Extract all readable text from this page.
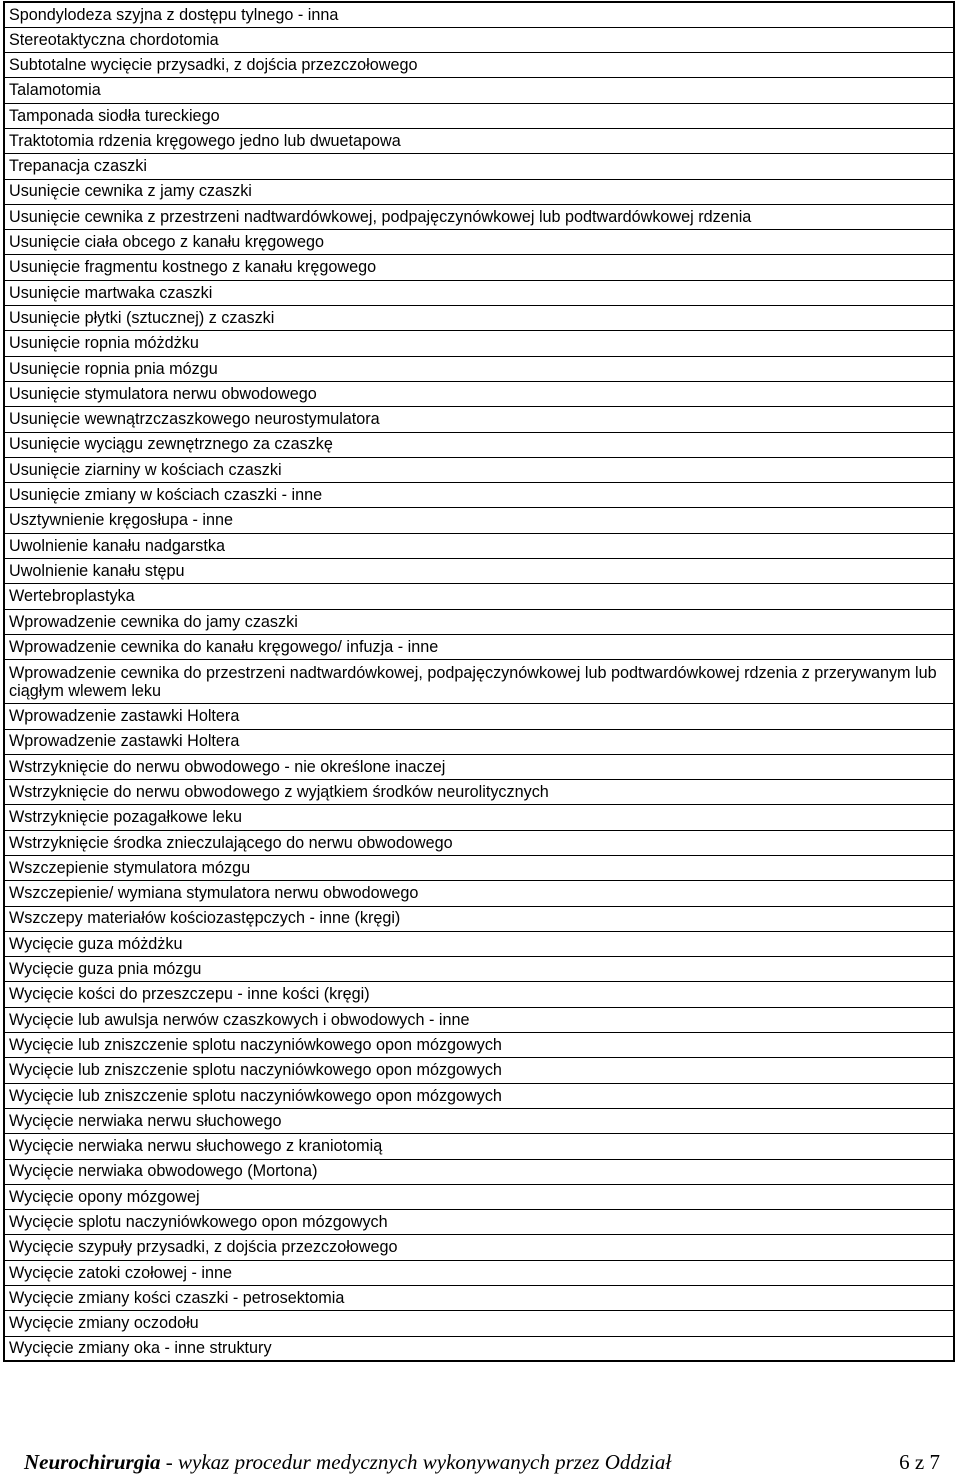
Spondylodeza szyjna z dostępu tylnego - inna
Stereotaktyczna chordotomia
Subtotalne wycięcie przysadki, z dojścia przezczołowego
Talamotomia
Tamponada siodła tureckiego
Traktotomia rdzenia kręgowego jedno lub dwuetapowa
Trepanacja czaszki
Usunięcie cewnika z jamy czaszki
Usunięcie cewnika z przestrzeni nadtwardówkowej, podpajęczynówkowej lub podtwardówkowej rdzenia
Usunięcie ciała obcego z kanału kręgowego
Usunięcie fragmentu kostnego z kanału kręgowego
Usunięcie martwaka czaszki
Usunięcie płytki (sztucznej) z czaszki
Usunięcie ropnia móżdżku
Usunięcie ropnia pnia mózgu
Usunięcie stymulatora nerwu obwodowego
Usunięcie wewnątrzczaszkowego neurostymulatora
Usunięcie wyciągu zewnętrznego za czaszkę
Usunięcie ziarniny w kościach czaszki
Usunięcie zmiany w kościach czaszki - inne
Usztywnienie kręgosłupa - inne
Uwolnienie kanału nadgarstka
Uwolnienie kanału stępu
Wertebroplastyka
Wprowadzenie cewnika do jamy czaszki
Wprowadzenie cewnika do kanału kręgowego/ infuzja - inne
Wprowadzenie cewnika do przestrzeni nadtwardówkowej, podpajęczynówkowej lub podtwardówkowej rdzenia z przerywanym lub ciągłym wlewem leku
Wprowadzenie zastawki Holtera
Wprowadzenie zastawki Holtera
Wstrzyknięcie do nerwu obwodowego - nie określone inaczej
Wstrzyknięcie do nerwu obwodowego z wyjątkiem środków neurolitycznych
Wstrzyknięcie pozagałkowe leku
Wstrzyknięcie środka znieczulającego do nerwu obwodowego
Wszczepienie stymulatora mózgu
Wszczepienie/ wymiana stymulatora nerwu obwodowego
Wszczepy materiałów kościozastępczych - inne (kręgi)
Wycięcie guza móżdżku
Wycięcie guza pnia mózgu
Wycięcie kości do przeszczepu - inne kości (kręgi)
Wycięcie lub awulsja nerwów czaszkowych i obwodowych - inne
Wycięcie lub zniszczenie splotu naczyniówkowego opon mózgowych
Wycięcie lub zniszczenie splotu naczyniówkowego opon mózgowych
Wycięcie lub zniszczenie splotu naczyniówkowego opon mózgowych
Wycięcie nerwiaka nerwu słuchowego
Wycięcie nerwiaka nerwu słuchowego z kraniotomią
Wycięcie nerwiaka obwodowego (Mortona)
Wycięcie opony mózgowej
Wycięcie splotu naczyniówkowego opon mózgowych
Wycięcie szypuły przysadki, z dojścia przezczołowego
Wycięcie zatoki czołowej - inne
Wycięcie zmiany kości czaszki - petrosektomia
Wycięcie zmiany oczodołu
Wycięcie zmiany oka - inne struktury
Neurochirurgia - wykaz procedur medycznych wykonywanych przez Oddział	6 z 7
